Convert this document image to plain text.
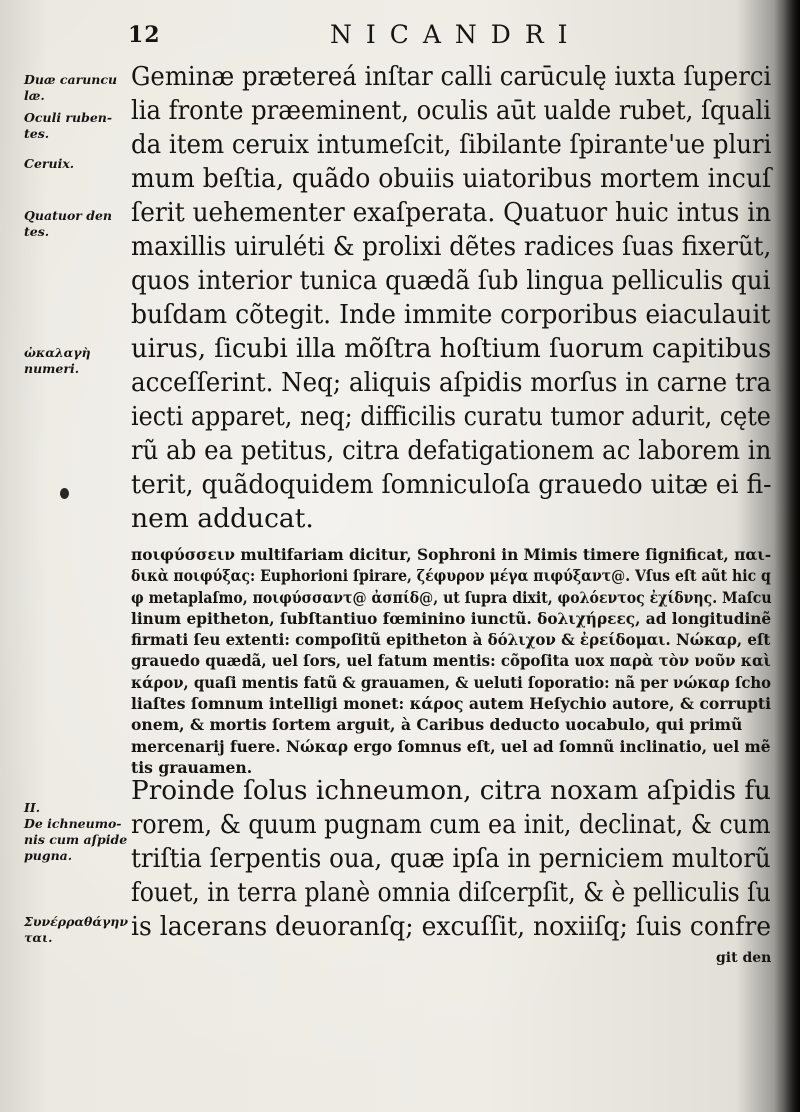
12	NICANDRI
Duæ caruncu
læ.
Oculi ruben-
tes.
Ceruix.
Quatuor den
tes.
ὠκαλαγὴ
numeri.
II.
De ichneumo-
nis cum aſpide
pugna.
Συνέρραθάγην
ται.
Geminæ prætereá inſtar calli carūculę iuxta ſuperci
lia fronte præeminent, oculis aūt ualde rubet, ſquali
da item ceruix intumeſcit, ſibilante ſpirante'ue pluri
mum beſtia, quãdo obuiis uiatoribus mortem incuſ
ſerit uehementer exaſperata. Quatuor huic intus in
maxillis uiruléti & prolixi dẽtes radices ſuas fixerũt,
quos interior tunica quædã ſub lingua pelliculis qui
buſdam cõtegit. Inde immite corporibus eiaculauit
uirus, ſicubi illa mõſtra hoſtium ſuorum capitibus
acceſſerint. Neq; aliquis aſpidis morſus in carne tra
iecti apparet, neq; difficilis curatu tumor adurit, cęte
rũ ab ea petitus, citra defatigationem ac laborem in
terit, quãdoquidem ſomniculoſa grauedo uitæ ei fi-
nem adducat.
ποιφύσσειν multifariam dicitur, Sophroni in Mimis timere ſignificat, παι-
δικὰ ποιφύξας: Euphorioni ſpirare, ζέφυρον μέγα πιφύξαντ@. Vſus eſt aũt hic q
φ metaplaſmo, ποιφύσσαντ@ ἀσπίδ@, ut ſupra dixit, φολόεντος ἐχίδνης. Maſcu
linum epitheton, ſubſtantiuo fœminino iunctũ. δολιχήρεες, ad longitudinẽ
firmati ſeu extenti: compoſitũ epitheton à δόλιχον & ἐρείδομαι. Νώκαρ, eſt
grauedo quædã, uel ſors, uel fatum mentis: cõpoſita uox παρὰ τὸν νοῦν καὶ
κάρον, quaſi mentis fatũ & grauamen, & ueluti ſoporatio: nã per νώκαρ ſcho
liaſtes ſomnum intelligi monet: κάρος autem Heſychio autore, & corrupti
onem, & mortis ſortem arguit, à Caribus deducto uocabulo, qui primũ
mercenarij fuere. Νώκαρ ergo ſomnus eſt, uel ad ſomnũ inclinatio, uel mẽ
tis grauamen.
Proinde ſolus ichneumon, citra noxam aſpidis fu
rorem, & quum pugnam cum ea init, declinat, & cum
triſtia ſerpentis oua, quæ ipſa in perniciem multorũ
fouet, in terra planè omnia diſcerpſit, & è pelliculis ſu
is lacerans deuoranſq; excuſſit, noxiiſq; ſuis confre
git den
